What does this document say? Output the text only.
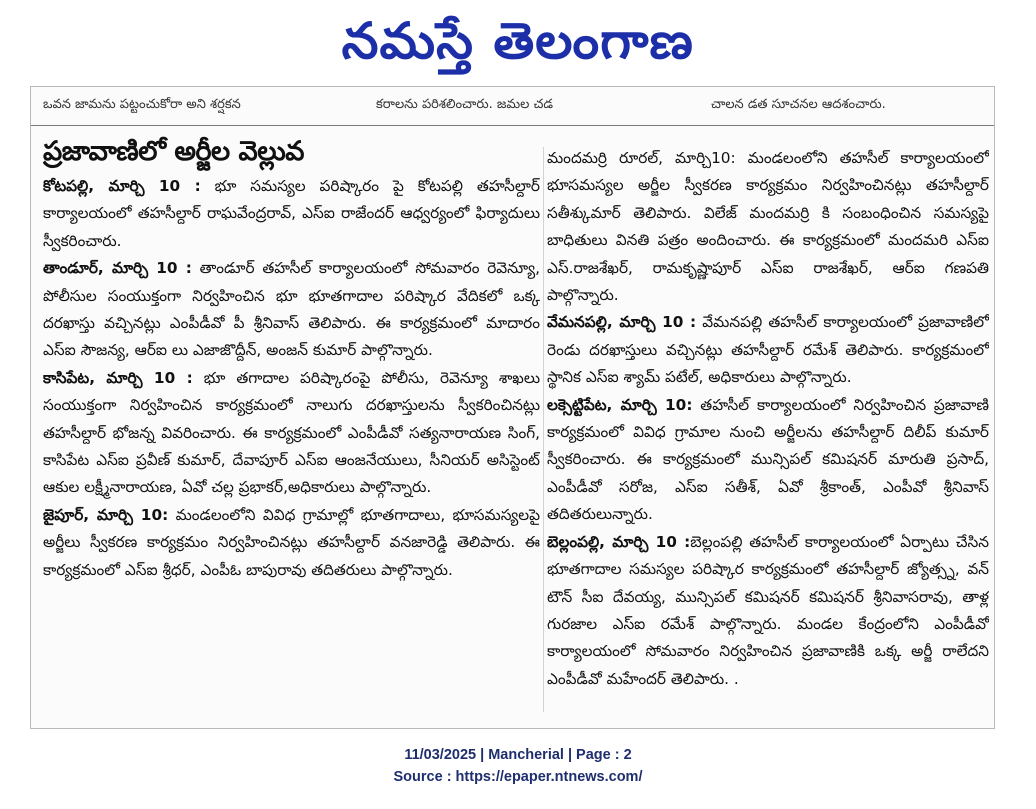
నమస్తే తెలంగాణ
ఒవన జామను పట్టంచుకోరా అని శర్షకన	కరాలను పరిశలించారు. జమల చడ	చాలన డత సూచనల ఆదశంచారు.
ప్రజావాణిలో అర్జీల వెల్లువ

కోటపల్లి, మార్చి 10 : భూ సమస్యల పరిష్కారం పై కోటపల్లి తహసీల్దార్ కార్యాలయంలో తహసీల్దార్ రాఘవేంద్రరావ్, ఎస్ఐ రాజేందర్ ఆధ్వర్యంలో ఫిర్యాదులు స్వీకరించారు.

తాండూర్, మార్చి 10 : తాండూర్ తహసీల్ కార్యాలయంలో సోమవారం రెవెన్యూ, పోలీసుల సంయుక్తంగా నిర్వహించిన భూ భూతగాదాల పరిష్కార వేదికలో ఒక్క దరఖాస్తు వచ్చినట్లు ఎంపీడీవో పీ శ్రీనివాస్ తెలిపారు. ఈ కార్యక్రమంలో మాదారం ఎస్ఐ సౌజన్య, ఆర్ఐ లు ఎజాజొద్దీన్, అంజన్ కుమార్ పాల్గొన్నారు.

కాసిపేట, మార్చి 10 : భూ తగాదాల పరిష్కారంపై పోలీసు, రెవెన్యూ శాఖలు సంయుక్తంగా నిర్వహించిన కార్యక్రమంలో నాలుగు దరఖాస్తులను స్వీకరించినట్లు తహసీల్దార్ భోజన్న వివరించారు. ఈ కార్యక్రమంలో ఎంపీడీవో సత్యనారాయణ సింగ్, కాసిపేట ఎస్ఐ ప్రవీణ్ కుమార్, దేవాపూర్ ఎస్ఐ ఆంజనేయులు, సీనియర్ అసిస్టెంట్ ఆకుల లక్ష్మీనారాయణ, ఏవో చల్ల ప్రభాకర్,అధికారులు పాల్గొన్నారు.

జైపూర్, మార్చి 10: మండలంలోని వివిధ గ్రామాల్లో భూతగాదాలు, భూసమస్యలపై అర్జీలు స్వీకరణ కార్యక్రమం నిర్వహించినట్లు తహసీల్దార్ వనజారెడ్డి తెలిపారు. ఈ కార్యక్రమంలో ఎస్ఐ శ్రీధర్, ఎంపీఓ బాపురావు తదితరులు పాల్గొన్నారు.

మందమర్రి రూరల్, మార్చి10: మండలంలోని తహసీల్ కార్యాలయంలో భూసమస్యల అర్జీల స్వీకరణ కార్యక్రమం నిర్వహించినట్లు తహసీల్దార్ సతీశ్కుమార్ తెలిపారు. విలేజ్ మందమర్రి కి సంబంధించిన సమస్యపై బాధితులు వినతి పత్రం అందించారు. ఈ కార్యక్రమంలో మందమరి ఎస్ఐ ఎస్.రాజశేఖర్, రామకృష్ణాపూర్ ఎస్ఐ రాజశేఖర్, ఆర్ఐ గణపతి పాల్గొన్నారు.

వేమనపల్లి, మార్చి 10 : వేమనపల్లి తహసీల్ కార్యాలయంలో ప్రజావాణిలో రెండు దరఖాస్తులు వచ్చినట్లు తహసీల్దార్ రమేశ్ తెలిపారు. కార్యక్రమంలో స్థానిక ఎస్ఐ శ్యామ్ పటేల్, అధికారులు పాల్గొన్నారు.

లక్సెట్టిపేట, మార్చి 10: తహసీల్ కార్యాలయంలో నిర్వహించిన ప్రజావాణి కార్యక్రమంలో వివిధ గ్రామాల నుంచి అర్జీలను తహసీల్దార్ దిలీప్ కుమార్ స్వీకరించారు. ఈ కార్యక్రమంలో మున్సిపల్ కమిషనర్ మారుతి ప్రసాద్, ఎంపీడీవో సరోజ, ఎస్ఐ సతీశ్, ఏవో శ్రీకాంత్, ఎంపీవో శ్రీనివాస్ తదితరులున్నారు.

బెల్లంపల్లి, మార్చి 10 :బెల్లంపల్లి తహసీల్ కార్యాలయంలో ఏర్పాటు చేసిన భూతగాదాల సమస్యల పరిష్కార కార్యక్రమంలో తహసీల్దార్ జ్యోత్స్న, వన్ టౌన్ సీఐ దేవయ్య, మున్సిపల్ కమిషనర్ కమిషనర్ శ్రీనివాసరావు, తాళ్ల గురజాల ఎస్ఐ రమేశ్ పాల్గొన్నారు. మండల కేంద్రంలోని ఎంపీడీవో కార్యాలయంలో సోమవారం నిర్వహించిన ప్రజావాణికి ఒక్క అర్జీ రాలేదని ఎంపీడీవో మహేందర్ తెలిపారు. .

11/03/2025 | Mancherial | Page : 2
Source : https://epaper.ntnews.com/
